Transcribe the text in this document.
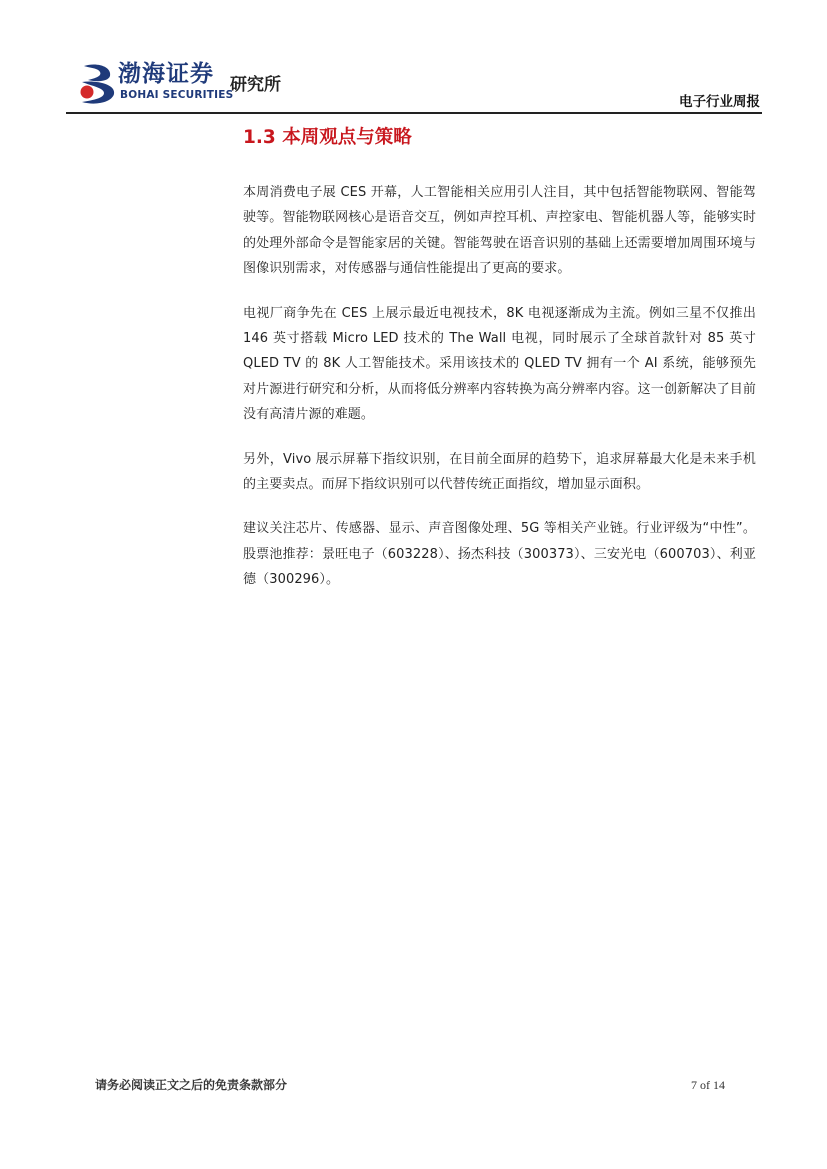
渤海证券
BOHAI SECURITIES
研究所
电子行业周报
1.3 本周观点与策略

本周消费电子展 CES 开幕，人工智能相关应用引人注目，其中包括智能物联网、智能驾驶等。智能物联网核心是语音交互，例如声控耳机、声控家电、智能机器人等，能够实时的处理外部命令是智能家居的关键。智能驾驶在语音识别的基础上还需要增加周围环境与图像识别需求，对传感器与通信性能提出了更高的要求。

电视厂商争先在 CES 上展示最近电视技术，8K 电视逐渐成为主流。例如三星不仅推出 146 英寸搭载 Micro LED 技术的 The Wall 电视，同时展示了全球首款针对 85 英寸 QLED TV 的 8K 人工智能技术。采用该技术的 QLED TV 拥有一个 AI 系统，能够预先对片源进行研究和分析，从而将低分辨率内容转换为高分辨率内容。这一创新解决了目前没有高清片源的难题。

另外，Vivo 展示屏幕下指纹识别，在目前全面屏的趋势下，追求屏幕最大化是未来手机的主要卖点。而屏下指纹识别可以代替传统正面指纹，增加显示面积。

建议关注芯片、传感器、显示、声音图像处理、5G 等相关产业链。行业评级为“中性”。股票池推荐：景旺电子（603228）、扬杰科技（300373）、三安光电（600703）、利亚德（300296）。

请务必阅读正文之后的免责条款部分	7 of 14
